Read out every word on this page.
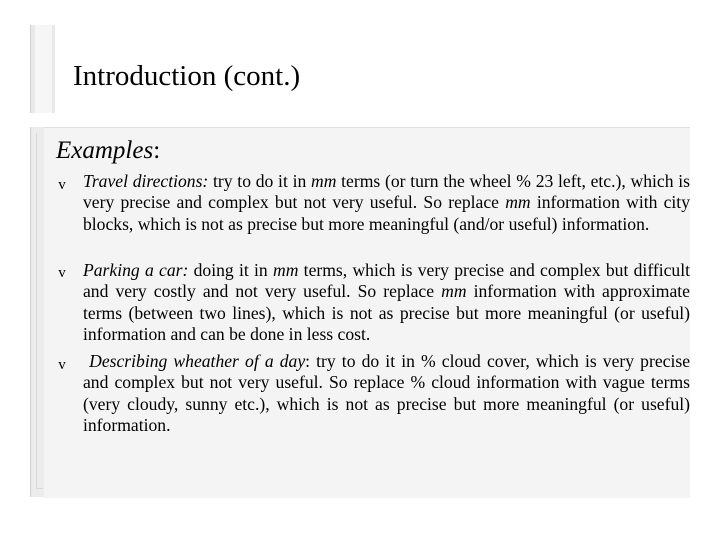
Introduction (cont.)
Examples:
v Travel directions: try to do it in mm terms (or turn the wheel % 23 left, etc.), which is very precise and complex but not very useful. So replace mm information with city blocks, which is not as precise but more meaningful (and/or useful) information.
v Parking a car: doing it in mm terms, which is very precise and complex but difficult and very costly and not very useful. So replace mm information with approximate terms (between two lines), which is not as precise but more meaningful (or useful) information and can be done in less cost.
v	Describing wheather of a day: try to do it in % cloud cover, which is very precise and complex but not very useful. So replace % cloud information with vague terms (very cloudy, sunny etc.), which is not as precise but more meaningful (or useful) information.
